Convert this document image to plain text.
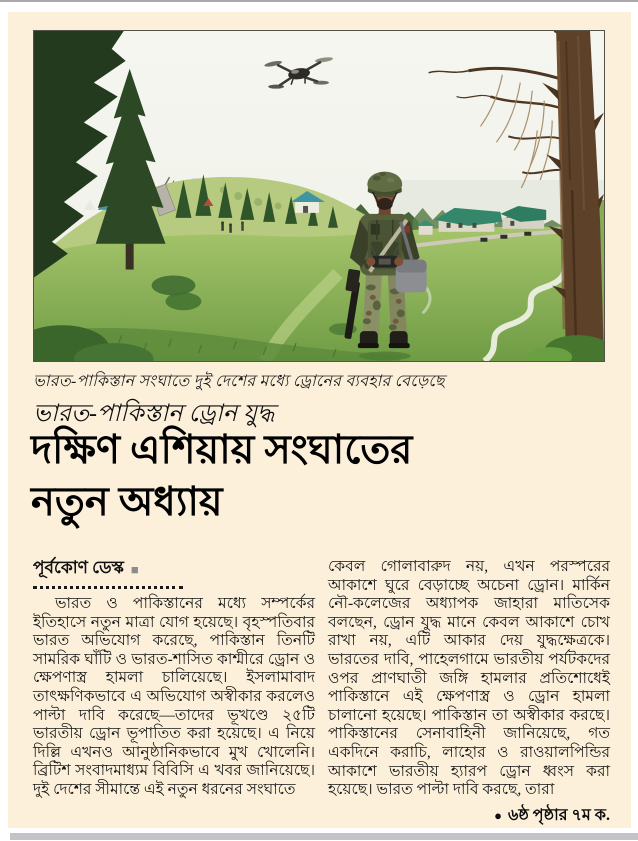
ভারত-পাকিস্তান সংঘাতে দুই দেশের মধ্যে ড্রোনের ব্যবহার বেড়েছে
ভারত-পাকিস্তান ড্রোন যুদ্ধ
দক্ষিণ এশিয়ায় সংঘাতের
নতুন অধ্যায়
পূর্বকোণ ডেস্ক ■

ভারত ও পাকিস্তানের মধ্যে সম্পর্কের ইতিহাসে নতুন মাত্রা যোগ হয়েছে। বৃহস্পতিবার ভারত অভিযোগ করেছে, পাকিস্তান তিনটি সামরিক ঘাঁটি ও ভারত-শাসিত কাশ্মীরে ড্রোন ও ক্ষেপণাস্ত্র হামলা চালিয়েছে। ইসলামাবাদ তাৎক্ষণিকভাবে এ অভিযোগ অস্বীকার করলেও পাল্টা দাবি করেছে—তাদের ভূখণ্ডে ২৫টি ভারতীয় ড্রোন ভূপাতিত করা হয়েছে। এ নিয়ে দিল্লি এখনও আনুষ্ঠানিকভাবে মুখ খোলেনি। ব্রিটিশ সংবাদমাধ্যম বিবিসি এ খবর জানিয়েছে। দুই দেশের সীমান্তে এই নতুন ধরনের সংঘাতে

কেবল গোলাবারুদ নয়, এখন পরস্পরের আকাশে ঘুরে বেড়াচ্ছে অচেনা ড্রোন। মার্কিন নৌ-কলেজের অধ্যাপক জাহারা মাতিসেক বলছেন, ড্রোন যুদ্ধ মানে কেবল আকাশে চোখ রাখা নয়, এটি আকার দেয় যুদ্ধক্ষেত্রকে। ভারতের দাবি, পাহেলগামে ভারতীয় পর্যটকদের ওপর প্রাণঘাতী জঙ্গি হামলার প্রতিশোধেই পাকিস্তানে এই ক্ষেপণাস্ত্র ও ড্রোন হামলা চালানো হয়েছে। পাকিস্তান তা অস্বীকার করছে। পাকিস্তানের সেনাবাহিনী জানিয়েছে, গত একদিনে করাচি, লাহোর ও রাওয়ালপিন্ডির আকাশে ভারতীয় হ্যারপ ড্রোন ধ্বংস করা হয়েছে। ভারত পাল্টা দাবি করছে, তারা

● ৬ষ্ঠ পৃষ্ঠার ৭ম ক.
